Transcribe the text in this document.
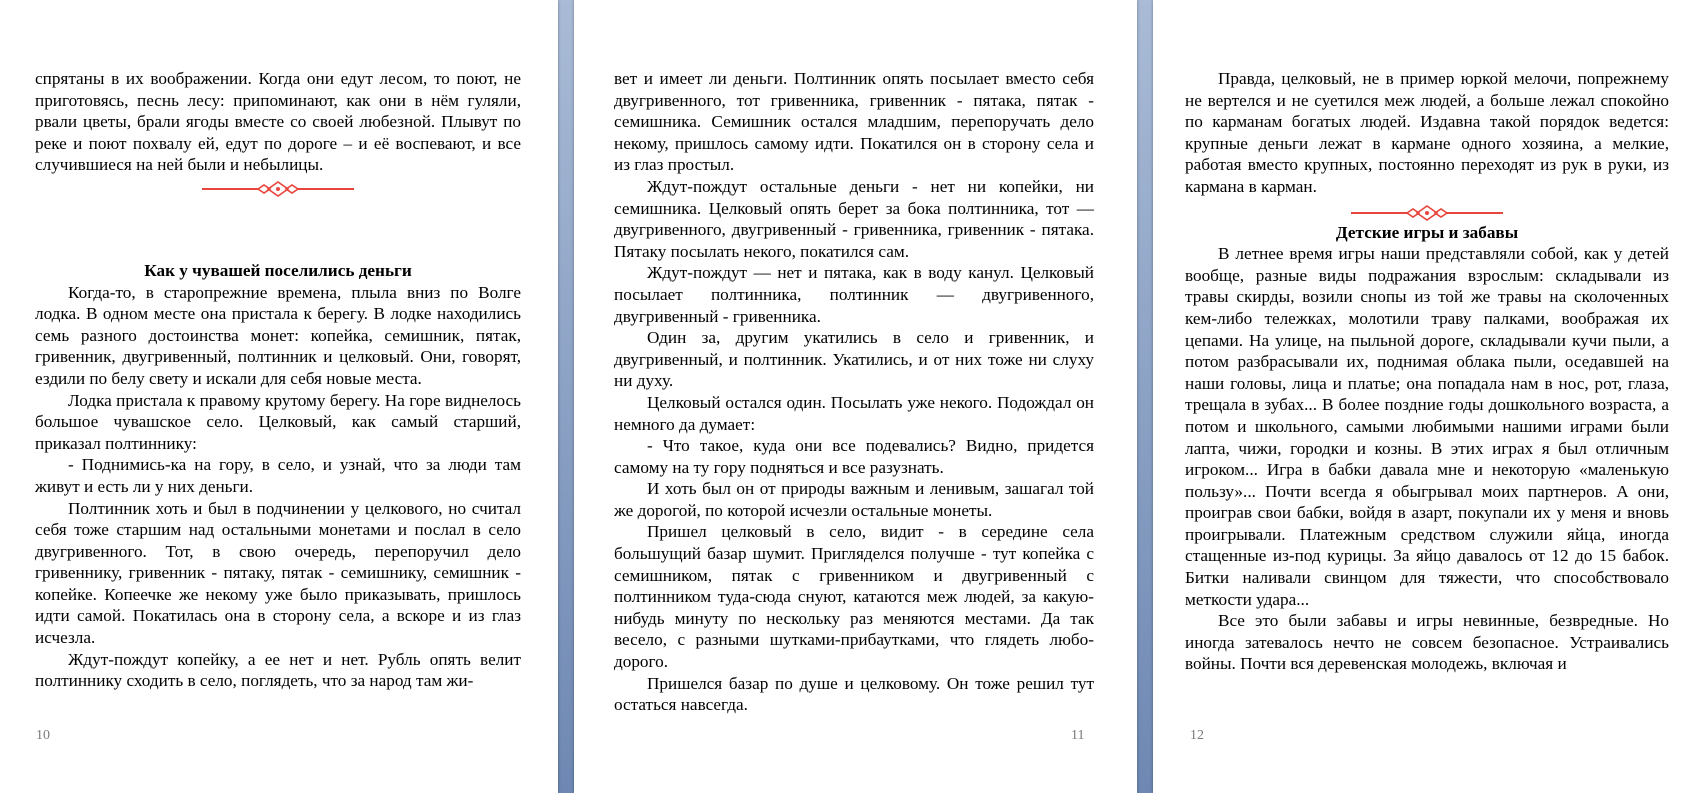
спрятаны в их воображении. Когда они едут лесом, то поют, не приготовясь, песнь лесу: припоминают, как они в нём гуляли, рвали цветы, брали ягоды вместе со своей любезной. Плывут по реке и поют похвалу ей, едут по дороге – и её воспевают, и все случившиеся на ней были и небылицы.

Как у чувашей поселились деньги

Когда-то, в старопрежние времена, плыла вниз по Волге лодка. В одном месте она пристала к берегу. В лодке находились семь разного достоинства монет: копейка, семишник, пятак, гривенник, двугривенный, полтинник и целковый. Они, говорят, ездили по белу свету и искали для себя новые места.

Лодка пристала к правому крутому берегу. На горе виднелось большое чувашское село. Целковый, как самый старший, приказал полтиннику:

- Поднимись-ка на гору, в село, и узнай, что за люди там живут и есть ли у них деньги.

Полтинник хоть и был в подчинении у целкового, но считал себя тоже старшим над остальными монетами и послал в село двугривенного. Тот, в свою очередь, перепоручил дело гривеннику, гривенник - пятаку, пятак - семишнику, семишник - копейке. Копеечке же некому уже было приказывать, пришлось идти самой. Покатилась она в сторону села, а вскоре и из глаз исчезла.

Ждут-пождут копейку, а ее нет и нет. Рубль опять велит полтиннику сходить в село, поглядеть, что за народ там жи-

10

вет и имеет ли деньги. Полтинник опять посылает вместо себя двугривенного, тот гривенника, гривенник - пятака, пятак - семишника. Семишник остался младшим, перепоручать дело некому, пришлось самому идти. Покатился он в сторону села и из глаз простыл.

Ждут-пождут остальные деньги - нет ни копейки, ни семишника. Целковый опять берет за бока полтинника, тот — двугривенного, двугривенный - гривенника, гривенник - пятака. Пятаку посылать некого, покатился сам.

Ждут-пождут — нет и пятака, как в воду канул. Целковый посылает полтинника, полтинник — двугривенного, двугривенный - гривенника.

Один за, другим укатились в село и гривенник, и двугривенный, и полтинник. Укатились, и от них тоже ни слуху ни духу.

Целковый остался один. Посылать уже некого. Подождал он немного да думает:

- Что такое, куда они все подевались? Видно, придется самому на ту гору подняться и все разузнать.

И хоть был он от природы важным и ленивым, зашагал той же дорогой, по которой исчезли остальные монеты.

Пришел целковый в село, видит - в середине села большущий базар шумит. Пригляделся получше - тут копейка с семишником, пятак с гривенником и двугривенный с полтинником туда-сюда снуют, катаются меж людей, за какую-нибудь минуту по нескольку раз меняются местами. Да так весело, с разными шутками-прибаутками, что глядеть любо-дорого.

Пришелся базар по душе и целковому. Он тоже решил тут остаться навсегда.

11

Правда, целковый, не в пример юркой мелочи, попрежнему не вертелся и не суетился меж людей, а больше лежал спокойно по карманам богатых людей. Издавна такой порядок ведется: крупные деньги лежат в кармане одного хозяина, а мелкие, работая вместо крупных, постоянно переходят из рук в руки, из кармана в карман.

Детские игры и забавы

В летнее время игры наши представляли собой, как у детей вообще, разные виды подражания взрослым: складывали из травы скирды, возили снопы из той же травы на сколоченных кем-либо тележках, молотили траву палками, воображая их цепами. На улице, на пыльной дороге, складывали кучи пыли, а потом разбрасывали их, поднимая облака пыли, оседавшей на наши головы, лица и платье; она попадала нам в нос, рот, глаза, трещала в зубах... В более поздние годы дошкольного возраста, а потом и школьного, самыми любимыми нашими играми были лапта, чижи, городки и козны. В этих играх я был отличным игроком... Игра в бабки давала мне и некоторую «маленькую пользу»... Почти всегда я обыгрывал моих партнеров. А они, проиграв свои бабки, войдя в азарт, покупали их у меня и вновь проигрывали. Платежным средством служили яйца, иногда стащенные из-под курицы. За яйцо давалось от 12 до 15 бабок. Битки наливали свинцом для тяжести, что способствовало меткости удара...

Все это были забавы и игры невинные, безвредные. Но иногда затевалось нечто не совсем безопасное. Устраивались войны. Почти вся деревенская молодежь, включая и

12
